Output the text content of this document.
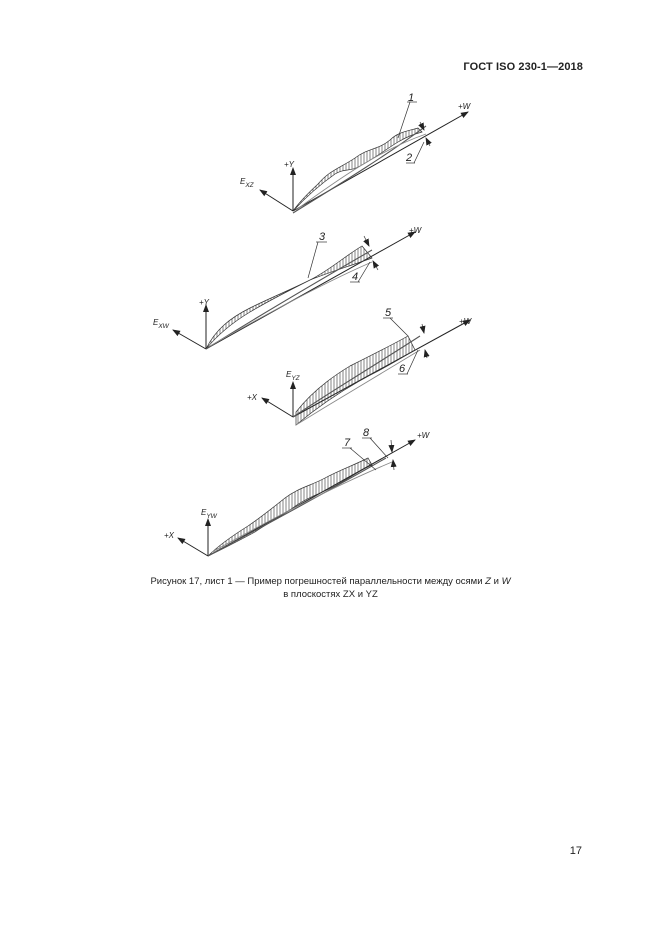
ГОСТ ISO 230-1—2018
1
2
+W
+Y
$E_{XZ}$
3
4
+W
+Y
$E_{XW}$
5
6
+W
$E_{YZ}$
+X
7
8	+W
$E_{YW}$
+X
Рисунок 17, лист 1 — Пример погрешностей параллельности между осями Z и W
в плоскостях ZX и YZ
17
